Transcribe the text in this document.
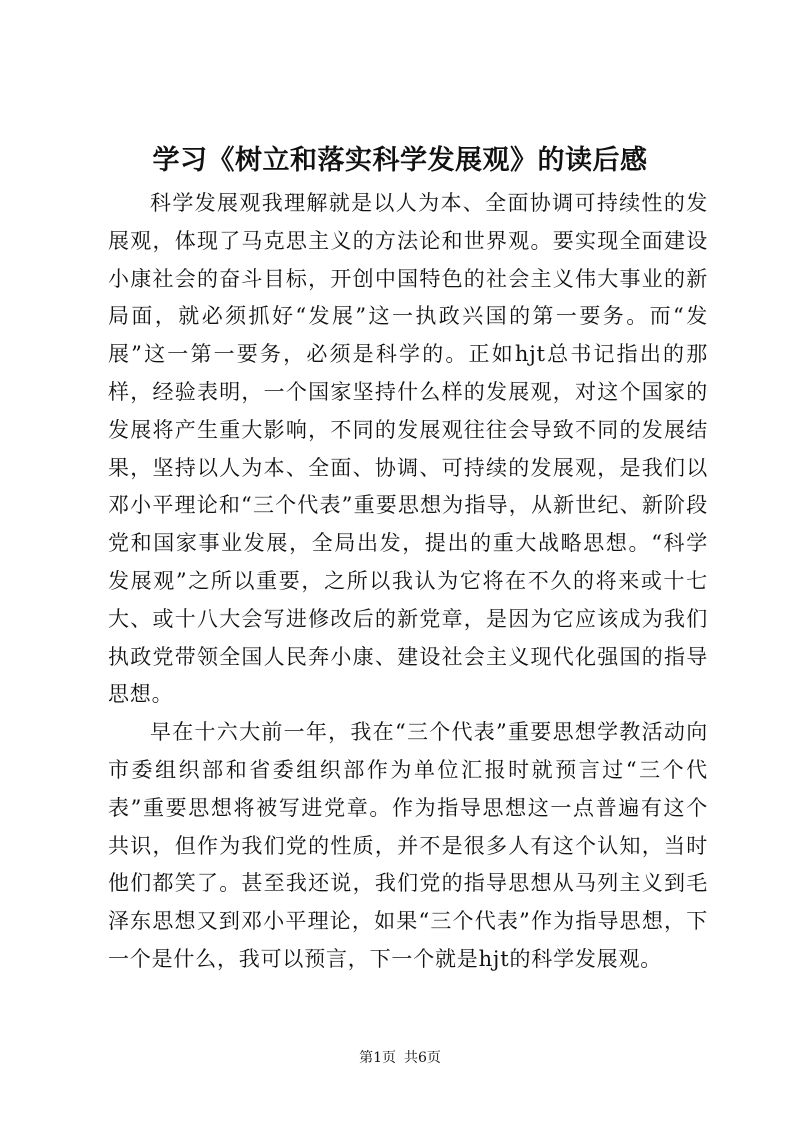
学习《树立和落实科学发展观》的读后感

科学发展观我理解就是以人为本、全面协调可持续性的发展观，体现了马克思主义的方法论和世界观。要实现全面建设小康社会的奋斗目标，开创中国特色的社会主义伟大事业的新局面，就必须抓好“发展”这一执政兴国的第一要务。而“发展”这一第一要务，必须是科学的。正如hjt总书记指出的那样，经验表明，一个国家坚持什么样的发展观，对这个国家的发展将产生重大影响，不同的发展观往往会导致不同的发展结果，坚持以人为本、全面、协调、可持续的发展观，是我们以邓小平理论和“三个代表”重要思想为指导，从新世纪、新阶段党和国家事业发展，全局出发，提出的重大战略思想。“科学发展观”之所以重要，之所以我认为它将在不久的将来或十七大、或十八大会写进修改后的新党章，是因为它应该成为我们执政党带领全国人民奔小康、建设社会主义现代化强国的指导思想。

早在十六大前一年，我在“三个代表”重要思想学教活动向市委组织部和省委组织部作为单位汇报时就预言过“三个代表”重要思想将被写进党章。作为指导思想这一点普遍有这个共识，但作为我们党的性质，并不是很多人有这个认知，当时他们都笑了。甚至我还说，我们党的指导思想从马列主义到毛泽东思想又到邓小平理论，如果“三个代表”作为指导思想，下一个是什么，我可以预言，下一个就是hjt的科学发展观。

第1页 共6页
